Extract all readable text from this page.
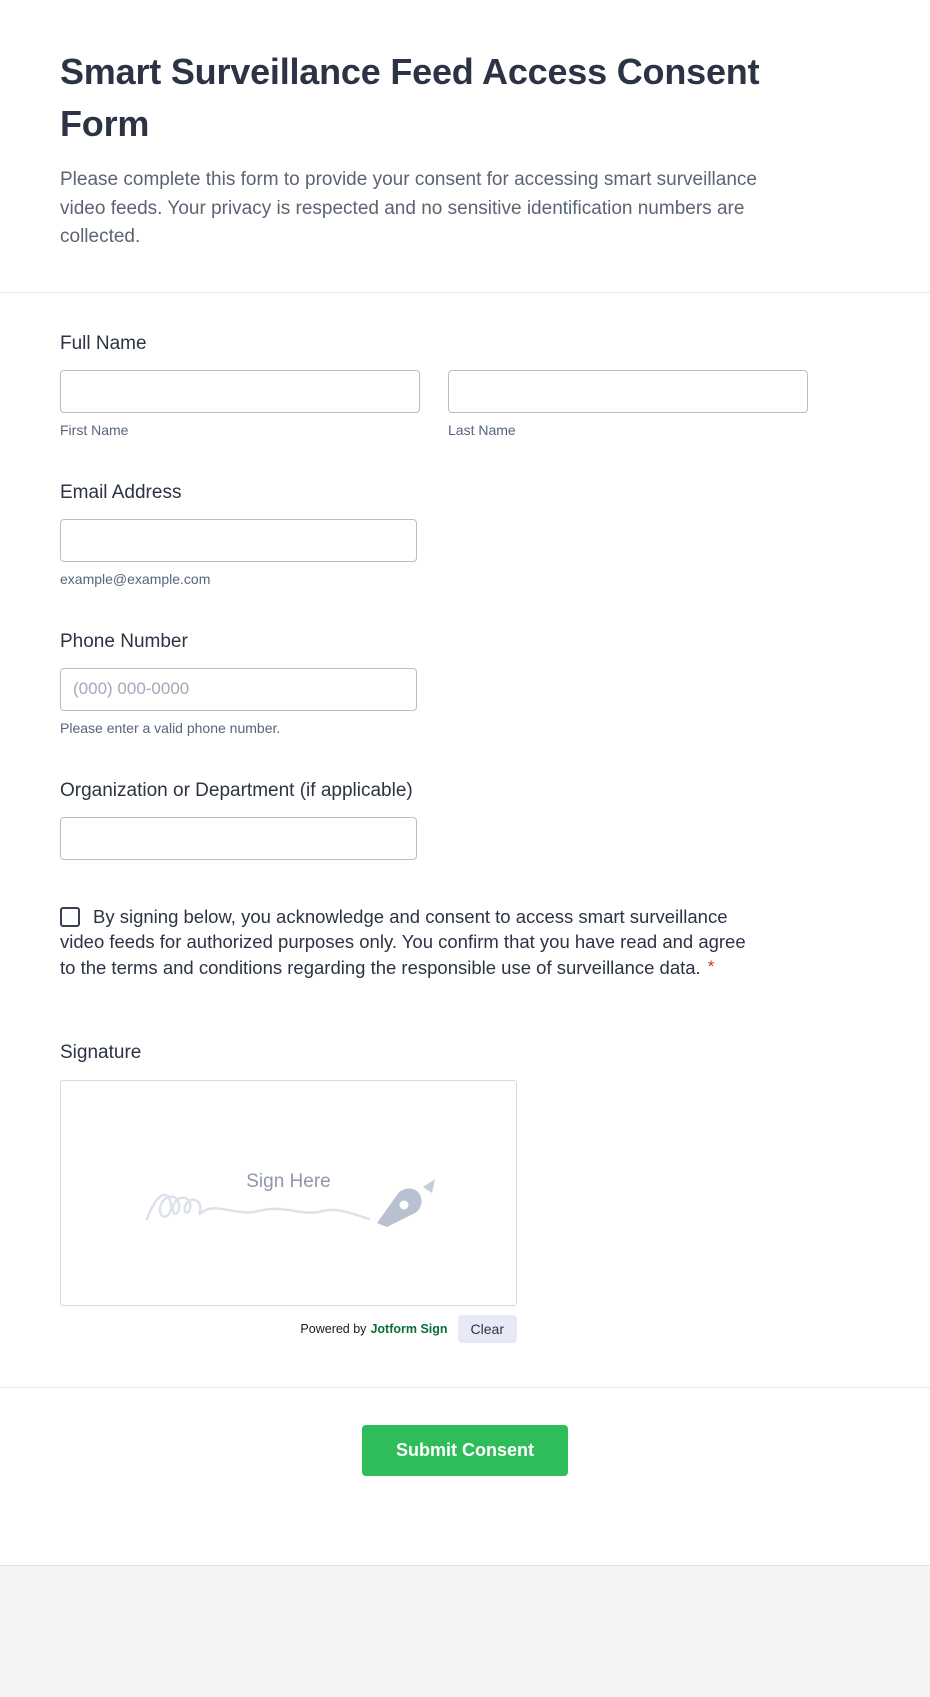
Smart Surveillance Feed Access Consent Form

Please complete this form to provide your consent for accessing smart surveillance video feeds. Your privacy is respected and no sensitive identification numbers are collected.

Full Name
First Name	Last Name
Email Address
example@example.com
Phone Number
(000) 000-0000
Please enter a valid phone number.
Organization or Department (if applicable)
By signing below, you acknowledge and consent to access smart surveillance video feeds for authorized purposes only. You confirm that you have read and agree to the terms and conditions regarding the responsible use of surveillance data. *
Signature
Sign Here
Powered by Jotform Sign	Clear
Submit Consent
